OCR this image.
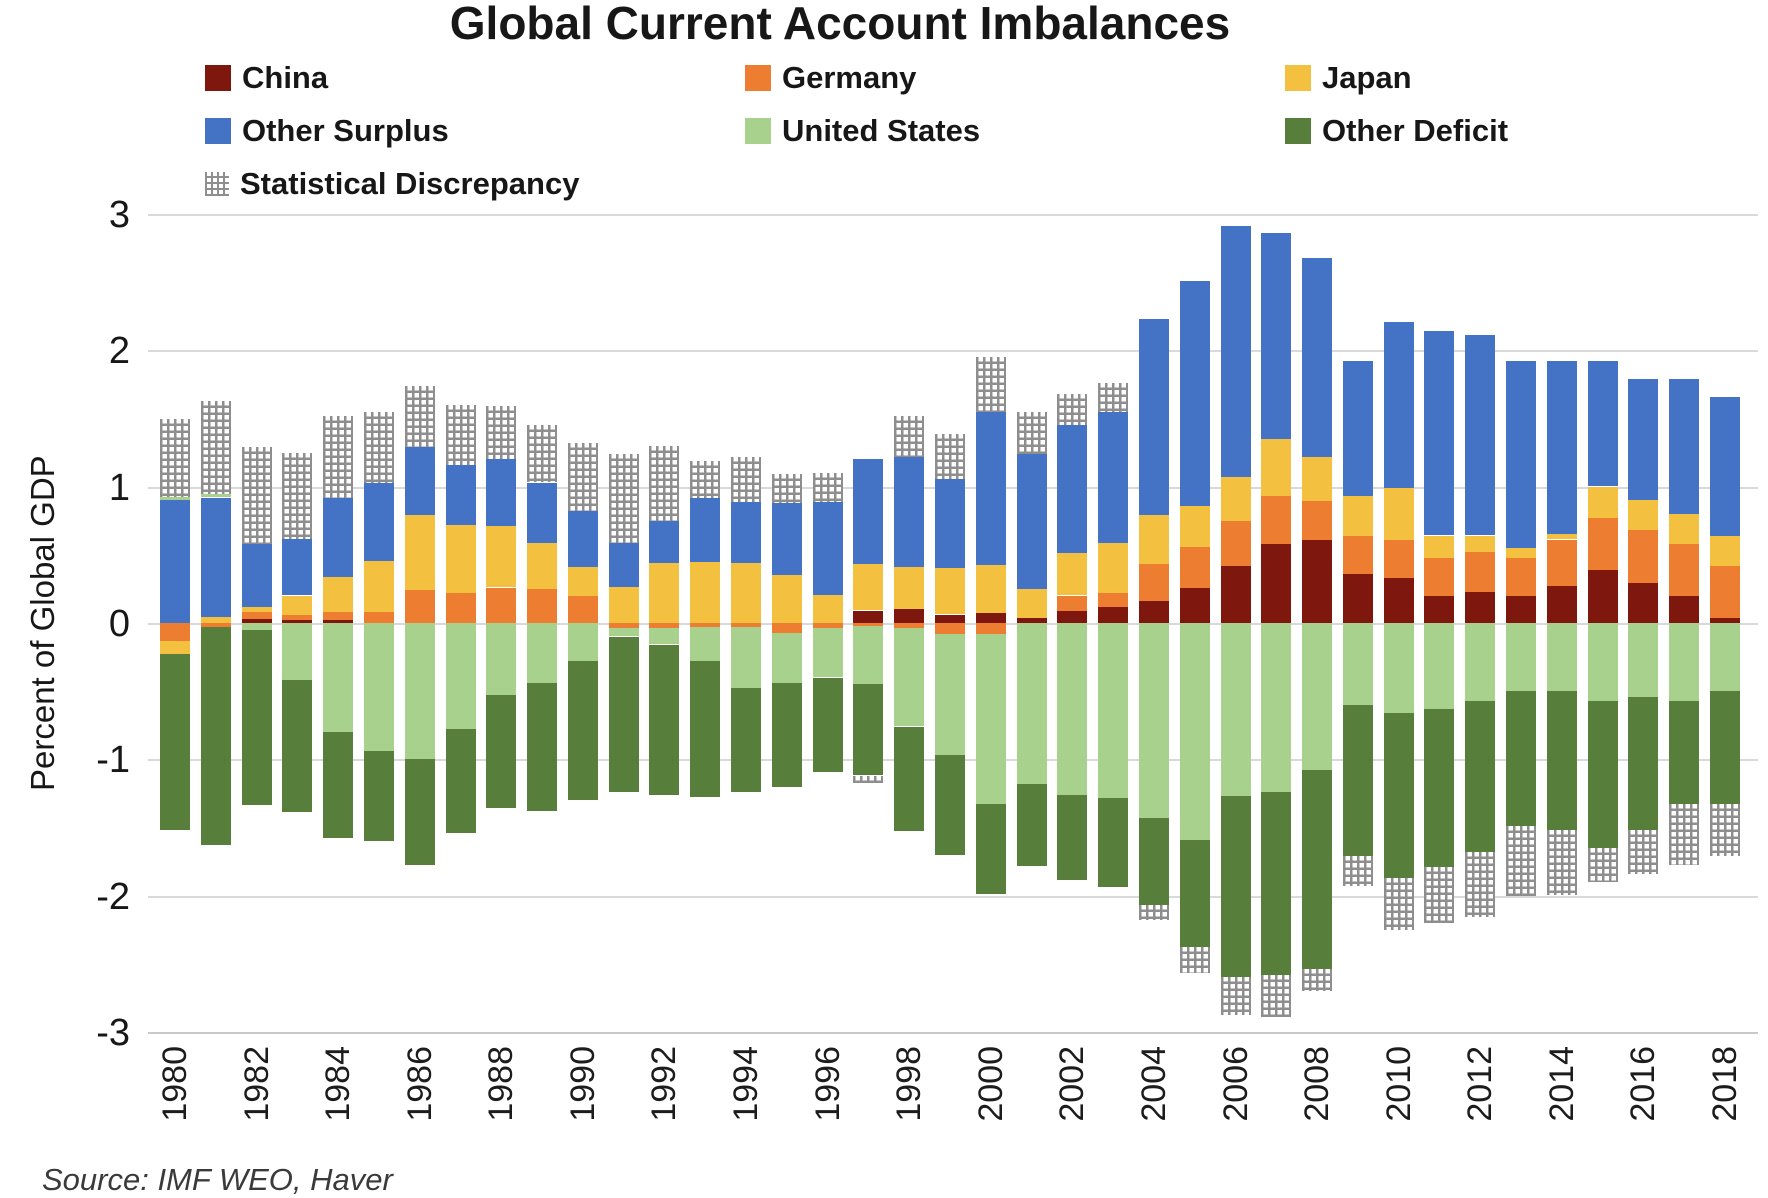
Global Current Account Imbalances
China	Germany	Japan
Other Surplus	United States	Other Deficit
Statistical Discrepancy
3
2
1
0
-1
-2
-3
Percent of Global GDP
1980 1982 1984 1986 1988 1990 1992 1994 1996 1998 2000 2002 2004 2006 2008 2010 2012 2014 2016 2018
Source: IMF WEO, Haver
